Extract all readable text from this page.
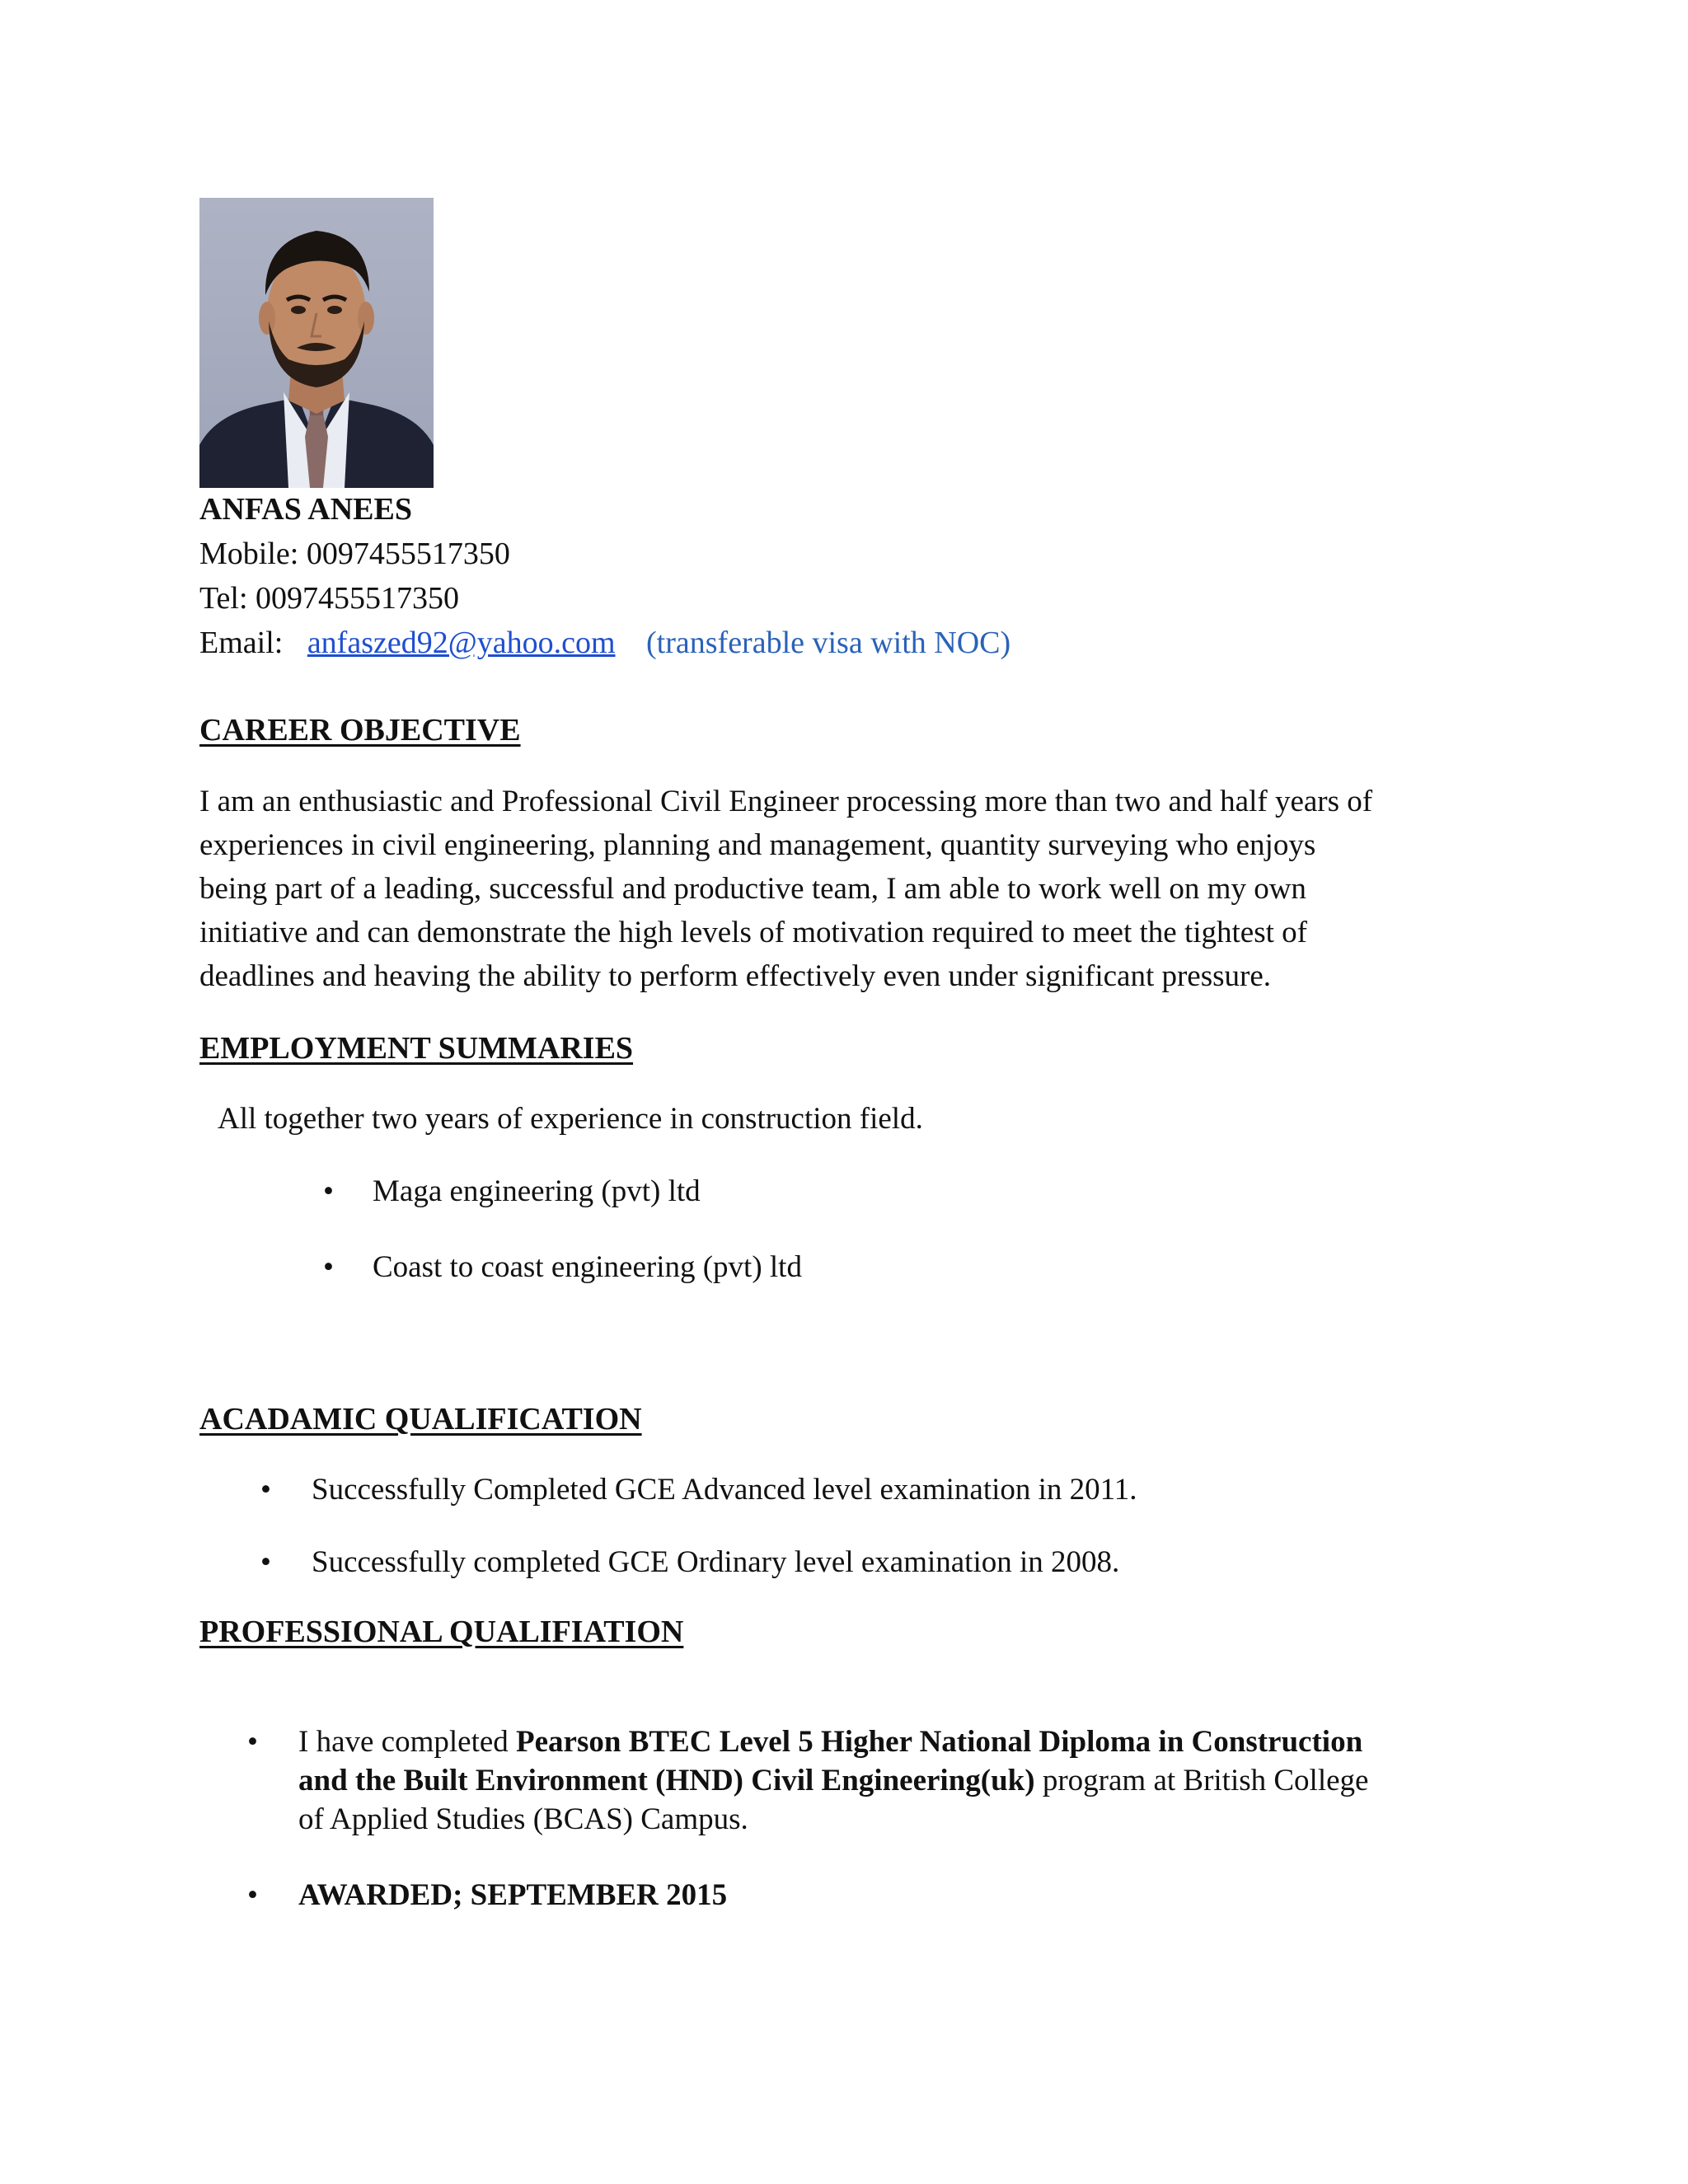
ANFAS ANEES
Mobile: 0097455517350
Tel: 0097455517350
Email: anfaszed92@yahoo.com (transferable visa with NOC)
CAREER OBJECTIVE
I am an enthusiastic and Professional Civil Engineer processing more than two and half years of
experiences in civil engineering, planning and management, quantity surveying who enjoys
being part of a leading, successful and productive team, I am able to work well on my own
initiative and can demonstrate the high levels of motivation required to meet the tightest of
deadlines and heaving the ability to perform effectively even under significant pressure.
EMPLOYMENT SUMMARIES
All together two years of experience in construction field.
• Maga engineering (pvt) ltd
• Coast to coast engineering (pvt) ltd
ACADAMIC QUALIFICATION
• Successfully Completed GCE Advanced level examination in 2011.
• Successfully completed GCE Ordinary level examination in 2008.
PROFESSIONAL QUALIFIATION
• I have completed Pearson BTEC Level 5 Higher National Diploma in Construction
and the Built Environment (HND) Civil Engineering(uk) program at British College
of Applied Studies (BCAS) Campus.
• AWARDED; SEPTEMBER 2015
